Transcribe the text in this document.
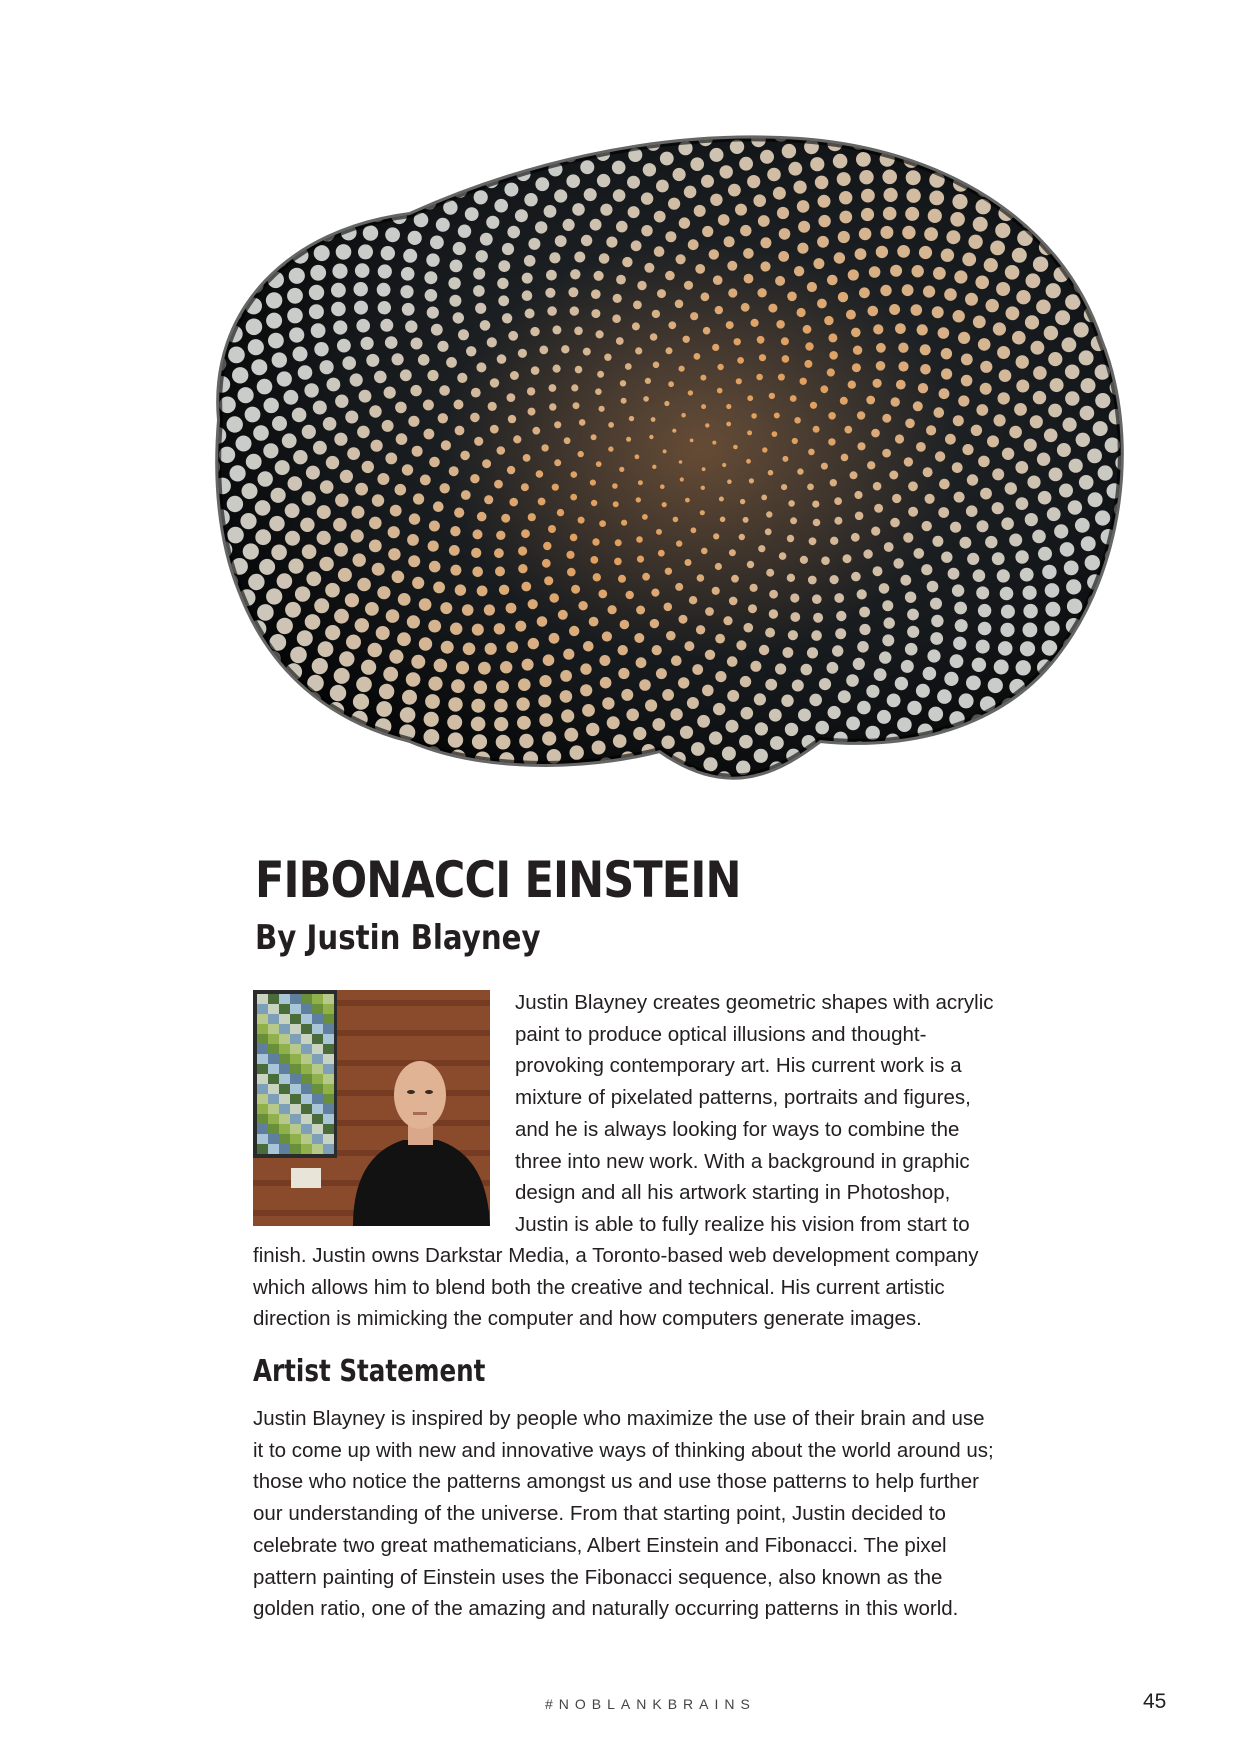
FIBONACCI EINSTEIN
By Justin Blayney

Justin Blayney creates geometric shapes with acrylic
paint to produce optical illusions and thought-
provoking contemporary art. His current work is a
mixture of pixelated patterns, portraits and figures,
and he is always looking for ways to combine the
three into new work. With a background in graphic
design and all his artwork starting in Photoshop,
Justin is able to fully realize his vision from start to

finish. Justin owns Darkstar Media, a Toronto-based web development company
which allows him to blend both the creative and technical. His current artistic
direction is mimicking the computer and how computers generate images.

Artist Statement

Justin Blayney is inspired by people who maximize the use of their brain and use
it to come up with new and innovative ways of thinking about the world around us;
those who notice the patterns amongst us and use those patterns to help further
our understanding of the universe. From that starting point, Justin decided to
celebrate two great mathematicians, Albert Einstein and Fibonacci. The pixel
pattern painting of Einstein uses the Fibonacci sequence, also known as the
golden ratio, one of the amazing and naturally occurring patterns in this world.

#NOBLANKBRAINS	45
